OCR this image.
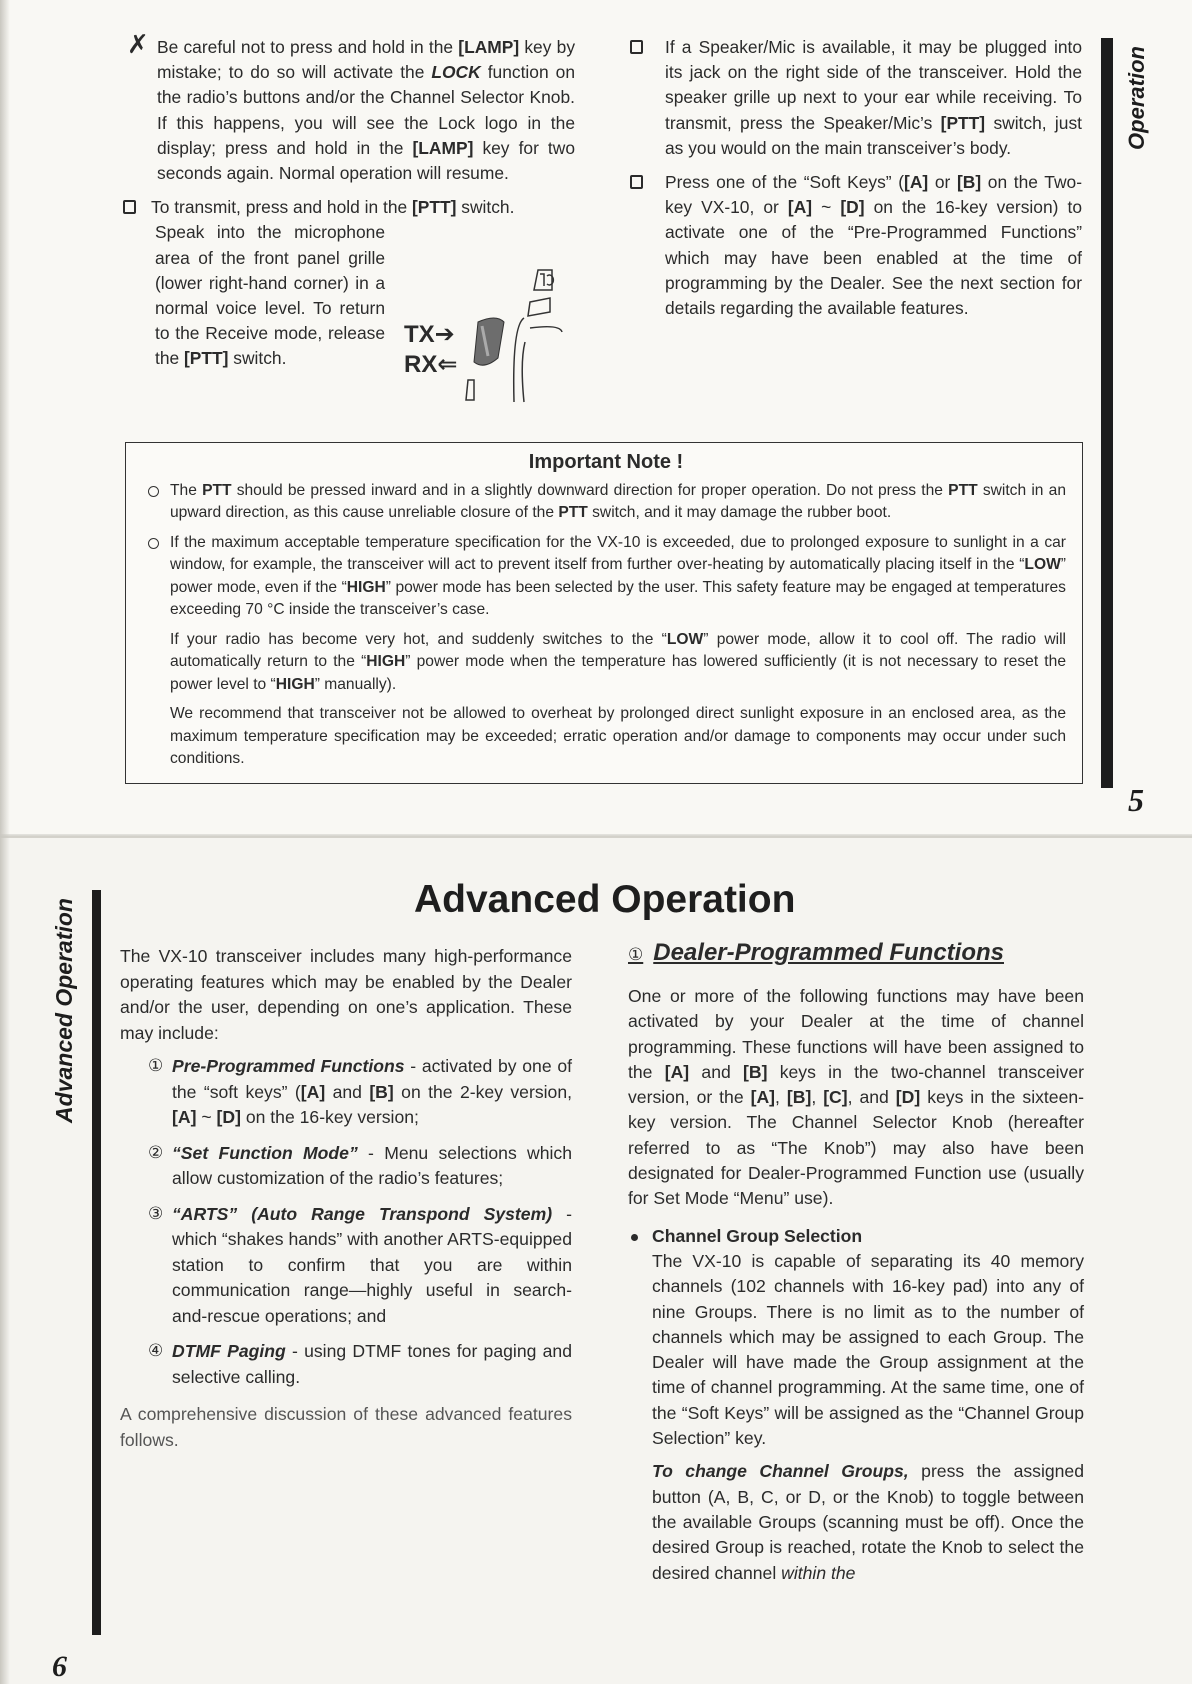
✗ Be careful not to press and hold in the [LAMP] key by mistake; to do so will activate the LOCK function on the radio’s buttons and/or the Channel Selector Knob. If this happens, you will see the Lock logo in the display; press and hold in the [LAMP] key for two seconds again. Normal operation will resume.

To transmit, press and hold in the [PTT] switch.

Speak into the microphone area of the front panel grille (lower right-hand corner) in a normal voice level. To return to the Receive mode, release the [PTT] switch.

TX➔
RX⇐

If a Speaker/Mic is available, it may be plugged into its jack on the right side of the transceiver. Hold the speaker grille up next to your ear while receiving. To transmit, press the Speaker/Mic’s [PTT] switch, just as you would on the main transceiver’s body.

Press one of the “Soft Keys” ([A] or [B] on the Two-key VX-10, or [A] ~ [D] on the 16-key version) to activate one of the “Pre-Programmed Functions” which may have been enabled at the time of programming by the Dealer. See the next section for details regarding the available features.

Operation
Important Note !
The PTT should be pressed inward and in a slightly downward direction for proper operation. Do not press the PTT switch in an upward direction, as this cause unreliable closure of the PTT switch, and it may damage the rubber boot.
If the maximum acceptable temperature specification for the VX-10 is exceeded, due to prolonged exposure to sunlight in a car window, for example, the transceiver will act to prevent itself from further over-heating by automatically placing itself in the “LOW” power mode, even if the “HIGH” power mode has been selected by the user. This safety feature may be engaged at temperatures exceeding 70 °C inside the transceiver’s case.
If your radio has become very hot, and suddenly switches to the “LOW” power mode, allow it to cool off. The radio will automatically return to the “HIGH” power mode when the temperature has lowered sufficiently (it is not necessary to reset the power level to “HIGH” manually).
We recommend that transceiver not be allowed to overheat by prolonged direct sunlight exposure in an enclosed area, as the maximum temperature specification may be exceeded; erratic operation and/or damage to components may occur under such conditions.
5
Advanced Operation	Advanced Operation

The VX-10 transceiver includes many high-performance operating features which may be enabled by the Dealer and/or the user, depending on one’s application. These may include:

① Pre-Programmed Functions - activated by one of the “soft keys” ([A] and [B] on the 2-key version, [A] ~ [D] on the 16-key version;
② “Set Function Mode” - Menu selections which allow customization of the radio’s features;
③ “ARTS” (Auto Range Transpond System) - which “shakes hands” with another ARTS-equipped station to confirm that you are within communication range—highly useful in search-and-rescue operations; and
④ DTMF Paging - using DTMF tones for paging and selective calling.

A comprehensive discussion of these advanced features follows.

① Dealer-Programmed Functions

One or more of the following functions may have been activated by your Dealer at the time of channel programming. These functions will have been assigned to the [A] and [B] keys in the two-channel transceiver version, or the [A], [B], [C], and [D] keys in the sixteen-key version. The Channel Selector Knob (hereafter referred to as “The Knob”) may also have been designated for Dealer-Programmed Function use (usually for Set Mode “Menu” use).

Channel Group Selection

The VX-10 is capable of separating its 40 memory channels (102 channels with 16-key pad) into any of nine Groups. There is no limit as to the number of channels which may be assigned to each Group. The Dealer will have made the Group assignment at the time of channel programming. At the same time, one of the “Soft Keys” will be assigned as the “Channel Group Selection” key.

To change Channel Groups, press the assigned button (A, B, C, or D, or the Knob) to toggle between the available Groups (scanning must be off). Once the desired Group is reached, rotate the Knob to select the desired channel within the

6
